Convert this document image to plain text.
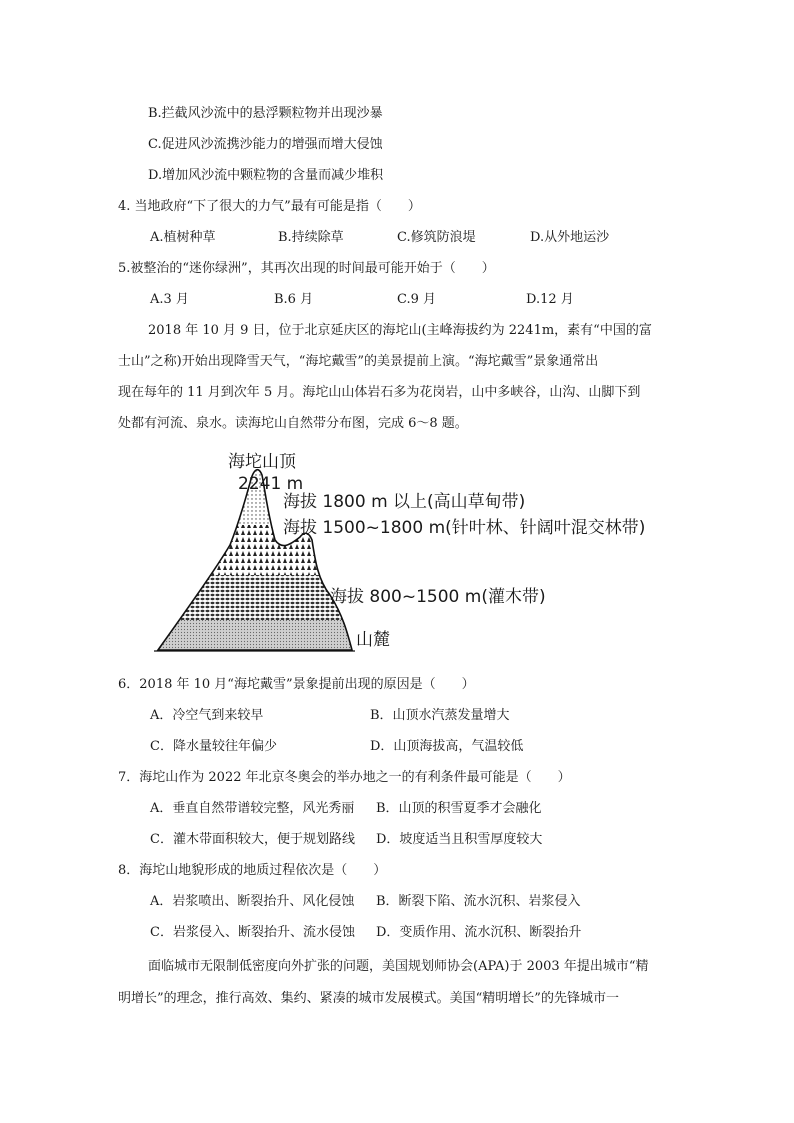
B.拦截风沙流中的悬浮颗粒物并出现沙暴
C.促进风沙流携沙能力的增强而增大侵蚀
D.增加风沙流中颗粒物的含量而减少堆积
4. 当地政府“下了很大的力气”最有可能是指（　　）
A.植树种草	B.持续除草	C.修筑防浪堤	D.从外地运沙
5.被整治的“迷你绿洲”，其再次出现的时间最可能开始于（　　）
A.3 月	B.6 月	C.9 月	D.12 月
2018 年 10 月 9 日，位于北京延庆区的海坨山(主峰海拔约为 2241m，素有“中国的富
士山”之称)开始出现降雪天气，“海坨戴雪”的美景提前上演。“海坨戴雪”景象通常出
现在每年的 11 月到次年 5 月。海坨山山体岩石多为花岗岩，山中多峡谷，山沟、山脚下到
处都有河流、泉水。读海坨山自然带分布图，完成 6～8 题。
海坨山顶
2241 m
海拔 1800 m 以上(高山草甸带)
海拔 1500~1800 m(针叶林、针阔叶混交林带)
海拔 800~1500 m(灌木带)
山麓
6．2018 年 10 月“海坨戴雪”景象提前出现的原因是（　　）
A．冷空气到来较早	B．山顶水汽蒸发量增大
C．降水量较往年偏少	D．山顶海拔高，气温较低
7．海坨山作为 2022 年北京冬奥会的举办地之一的有利条件最可能是（　　）
A．垂直自然带谱较完整，风光秀丽 B．山顶的积雪夏季才会融化
C．灌木带面积较大，便于规划路线 D．坡度适当且积雪厚度较大
8．海坨山地貌形成的地质过程依次是（　　）
A．岩浆喷出、断裂抬升、风化侵蚀 B．断裂下陷、流水沉积、岩浆侵入
C．岩浆侵入、断裂抬升、流水侵蚀 D．变质作用、流水沉积、断裂抬升
面临城市无限制低密度向外扩张的问题，美国规划师协会(APA)于 2003 年提出城市“精
明增长”的理念，推行高效、集约、紧凑的城市发展模式。美国“精明增长”的先锋城市一
